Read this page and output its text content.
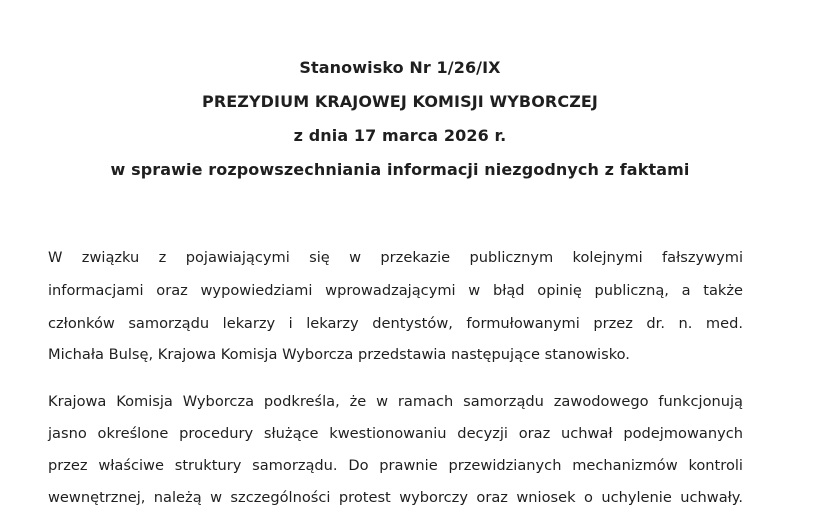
Stanowisko Nr 1/26/IX
PREZYDIUM KRAJOWEJ KOMISJI WYBORCZEJ
z dnia 17 marca 2026 r.
w sprawie rozpowszechniania informacji niezgodnych z faktami
W związku z pojawiającymi się w przekazie publicznym kolejnymi fałszywymi
informacjami oraz wypowiedziami wprowadzającymi w błąd opinię publiczną, a także
członków samorządu lekarzy i lekarzy dentystów, formułowanymi przez dr. n. med.
Michała Bulsę, Krajowa Komisja Wyborcza przedstawia następujące stanowisko.
Krajowa Komisja Wyborcza podkreśla, że w ramach samorządu zawodowego funkcjonują
jasno określone procedury służące kwestionowaniu decyzji oraz uchwał podejmowanych
przez właściwe struktury samorządu. Do prawnie przewidzianych mechanizmów kontroli
wewnętrznej, należą w szczególności protest wyborczy oraz wniosek o uchylenie uchwały.
